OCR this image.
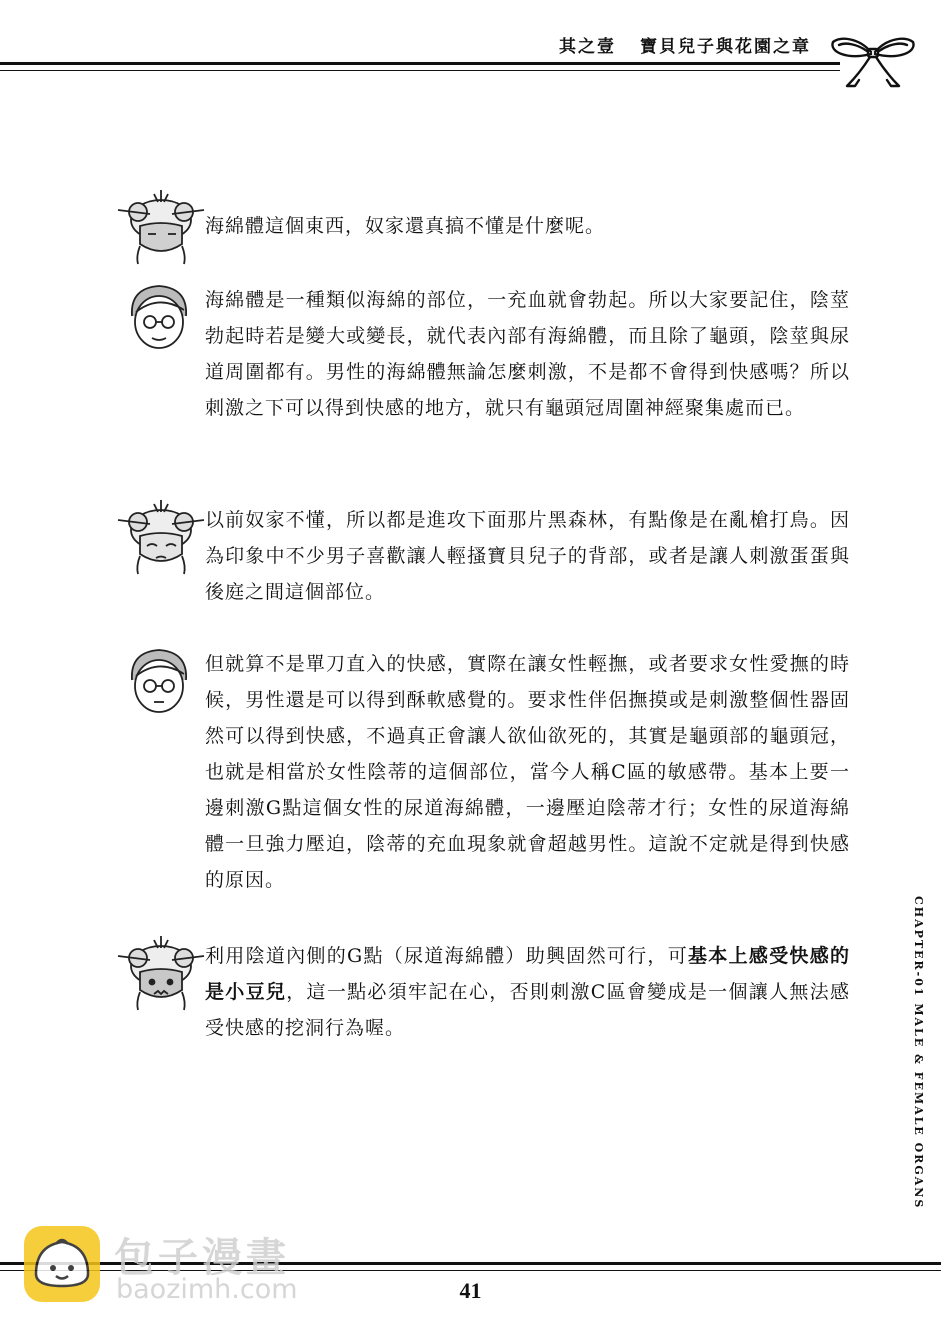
其之壹 寶貝兒子與花園之章

海綿體這個東西，奴家還真搞不懂是什麼呢。

海綿體是一種類似海綿的部位，一充血就會勃起。所以大家要記住，陰莖勃起時若是變大或變長，就代表內部有海綿體，而且除了龜頭，陰莖與尿道周圍都有。男性的海綿體無論怎麼刺激，不是都不會得到快感嗎？所以刺激之下可以得到快感的地方，就只有龜頭冠周圍神經聚集處而已。

以前奴家不懂，所以都是進攻下面那片黑森林，有點像是在亂槍打鳥。因為印象中不少男子喜歡讓人輕搔寶貝兒子的背部，或者是讓人刺激蛋蛋與後庭之間這個部位。

但就算不是單刀直入的快感，實際在讓女性輕撫，或者要求女性愛撫的時候，男性還是可以得到酥軟感覺的。要求性伴侶撫摸或是刺激整個性器固然可以得到快感，不過真正會讓人欲仙欲死的，其實是龜頭部的龜頭冠，也就是相當於女性陰蒂的這個部位，當今人稱C區的敏感帶。基本上要一邊刺激G點這個女性的尿道海綿體，一邊壓迫陰蒂才行；女性的尿道海綿體一旦強力壓迫，陰蒂的充血現象就會超越男性。這說不定就是得到快感的原因。

利用陰道內側的G點（尿道海綿體）助興固然可行，可基本上感受快感的是小豆兒，這一點必須牢記在心，否則刺激C區會變成是一個讓人無法感受快感的挖洞行為喔。	CHAPTER-01 MALE & FEMALE ORGANS
41
包子漫畫
baozimh.com
